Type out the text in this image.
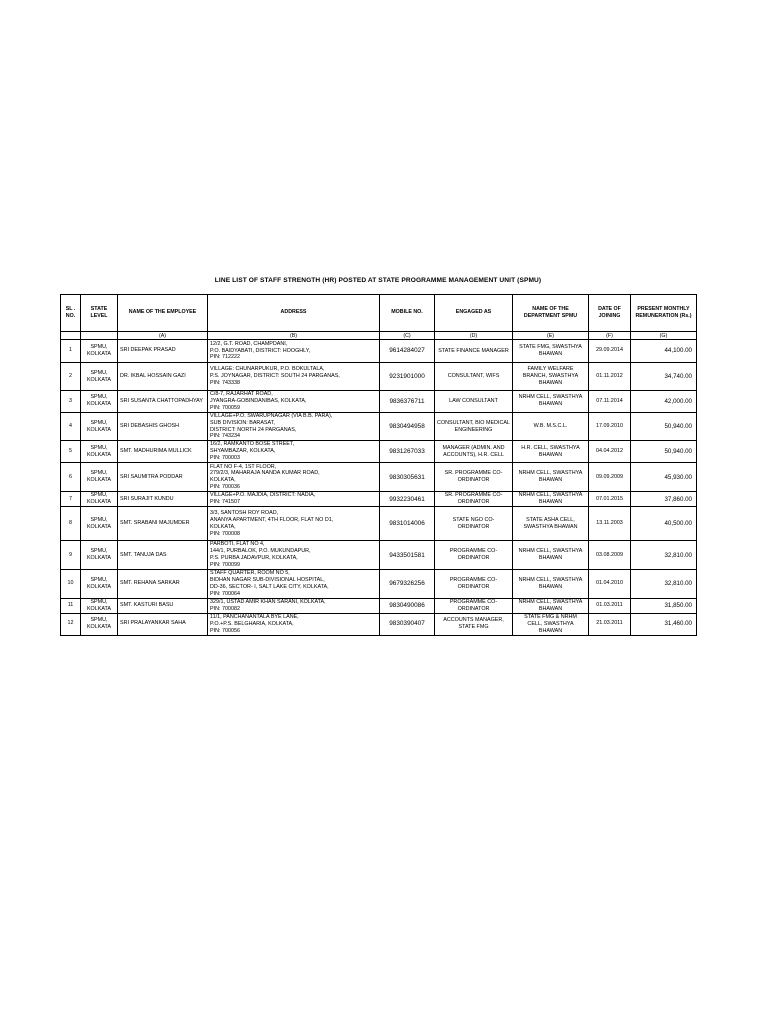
LINE LIST OF STAFF STRENGTH (HR) POSTED AT STATE PROGRAMME MANAGEMENT UNIT (SPMU)
SL . NO.	STATE LEVEL	NAME OF THE EMPLOYEE	ADDRESS	MOBILE NO.	ENGAGED AS	NAME OF THE DEPARTMENT SPMU	DATE OF JOINING	PRESENT MONTHLY REMUNERATION (Rs.)
		(A)	(B)	(C)	(D)	(E)	(F)	(G)
1	SPMU,
KOLKATA	SRI DEEPAK PRASAD	12/2, G.T. ROAD, CHAMPDANI,
P.O. BAIDYABATI, DISTRICT: HOOGHLY,
PIN: 712222	9614284027	STATE FINANCE MANAGER	STATE FMG, SWASTHYA
BHAWAN	29.09.2014	44,100.00
2	SPMU,
KOLKATA	DR. IKBAL HOSSAIN GAZI	VILLAGE: CHUNARPUKUR, P.O. BOKULTALA,
P.S. JOYNAGAR, DISTRICT: SOUTH 24 PARGANAS,
PIN: 743338	9231901000	CONSULTANT, WIFS	FAMILY WELFARE
BRANCH, SWASTHYA
BHAWAN	01.11.2012	34,740.00
3	SPMU,
KOLKATA	SRI SUSANTA CHATTOPADHYAY	C/8-7, RAJARHAT ROAD,
JYANGRA-GOBINDANIBAS, KOLKATA,
PIN: 700059	9836376711	LAW CONSULTANT	NRHM CELL, SWASTHYA
BHAWAN	07.11.2014	42,000.00
4	SPMU,
KOLKATA	SRI DEBASHIS GHOSH	VILLAGE+P.O. SWARUPNAGAR (VIA B.B. PARA),
SUB DIVISION: BARASAT,
DISTRICT: NORTH 24 PARGANAS,
PIN: 743234	9830494958	CONSULTANT, BIO MEDICAL
ENGINEERING	W.B. M.S.C.L.	17.09.2010	50,940.00
5	SPMU,
KOLKATA	SMT. MADHURIMA MULLICK	16/2, RAMKANTO BOSE STREET,
SHYAMBAZAR, KOLKATA,
PIN: 700003	9831267033	MANAGER (ADMIN. AND
ACCOUNTS), H.R. CELL	H.R. CELL, SWASTHYA
BHAWAN	04.04.2012	50,940.00
6	SPMU,
KOLKATA	SRI SAUMITRA PODDAR	FLAT NO F-4, 1ST FLOOR,
279/2/3, MAHARAJA NANDA KUMAR ROAD,
KOLKATA,
PIN: 700036	9830305631	SR. PROGRAMME CO-
ORDINATOR	NRHM CELL, SWASTHYA
BHAWAN	09.09.2009	45,930.00
7	SPMU,
KOLKATA	SRI SURAJIT KUNDU	VILLAGE+P.O. MAJDIA, DISTRICT: NADIA,
PIN: 741507	9932230461	SR. PROGRAMME CO-
ORDINATOR	NRHM CELL, SWASTHYA
BHAWAN	07.01.2015	37,860.00
8	SPMU,
KOLKATA	SMT. SRABANI MAJUMDER	3/3, SANTOSH ROY ROAD,
ANANYA APARTMENT, 4TH FLOOR, FLAT NO D1,
KOLKATA,
PIN: 700008	9831014006	STATE NGO CO-ORDINATOR	STATE ASHA CELL,
SWASTHYA BHAWAN	13.11.2003	40,500.00
9	SPMU,
KOLKATA	SMT. TANUJA DAS	PARBOTI, FLAT NO 4,
144/1, PURBALOK, P.O. MUKUNDAPUR,
P.S. PURBA JADAVPUR, KOLKATA,
PIN: 700099	9433501581	PROGRAMME CO-
ORDINATOR	NRHM CELL, SWASTHYA
BHAWAN	03.08.2009	32,810.00
10	SPMU,
KOLKATA	SMT. REHANA SARKAR	STAFF QUARTER, ROOM NO 5,
BIDHAN NAGAR SUB-DIVISIONAL HOSPITAL,
DD-36, SECTOR- I, SALT LAKE CITY, KOLKATA,
PIN: 700064	9679326256	PROGRAMME CO-
ORDINATOR	NRHM CELL, SWASTHYA
BHAWAN	01.04.2010	32,810.00
11	SPMU,
KOLKATA	SMT. KASTURI BASU	329/1, USTAD AMIR KHAN SARANI, KOLKATA,
PIN: 700082	9830490086	PROGRAMME CO-
ORDINATOR	NRHM CELL, SWASTHYA
BHAWAN	01.03.2011	31,850.00
12	SPMU,
KOLKATA	SRI PRALAYANKAR SAHA	11/1, PANCHANANTALA BYE LANE,
P.O.+P.S. BELGHARIA, KOLKATA,
PIN: 700056	9830390407	ACCOUNTS MANAGER,
STATE FMG	STATE FMG & NRHM
CELL, SWASTHYA
BHAWAN	21.03.2011	31,460.00
